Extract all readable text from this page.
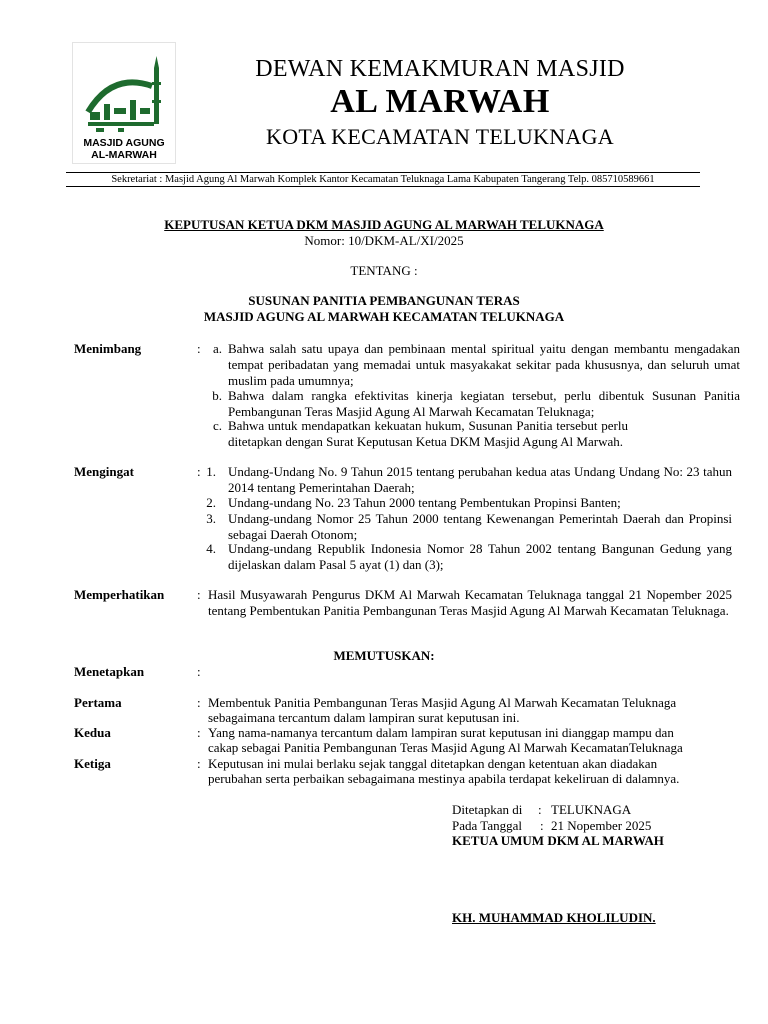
MASJID AGUNG
AL-MARWAH
DEWAN KEMAKMURAN MASJID
AL MARWAH
KOTA KECAMATAN TELUKNAGA
Sekretariat : Masjid Agung Al Marwah Komplek Kantor Kecamatan Teluknaga Lama Kabupaten Tangerang Telp. 085710589661
KEPUTUSAN KETUA DKM MASJID AGUNG AL MARWAH TELUKNAGA
Nomor: 10/DKM-AL/XI/2025
TENTANG :
SUSUNAN PANITIA PEMBANGUNAN TERAS
MASJID AGUNG AL MARWAH KECAMATAN TELUKNAGA
Menimbang	: a. Bahwa salah satu upaya dan pembinaan mental spiritual yaitu dengan membantu mengadakan tempat peribadatan yang memadai untuk masyakakat sekitar pada khususnya, dan seluruh umat muslim pada umumnya;
b. Bahwa dalam rangka efektivitas kinerja kegiatan tersebut, perlu dibentuk Susunan Panitia Pembangunan Teras Masjid Agung Al Marwah Kecamatan Teluknaga;
c. Bahwa untuk mendapatkan kekuatan hukum, Susunan Panitia tersebut perlu ditetapkan dengan Surat Keputusan Ketua DKM Masjid Agung Al Marwah.
Mengingat	: 1. Undang-Undang No. 9 Tahun 2015 tentang perubahan kedua atas Undang Undang No: 23 tahun 2014 tentang Pemerintahan Daerah;
2. Undang-undang No. 23 Tahun 2000 tentang Pembentukan Propinsi Banten;
3. Undang-undang Nomor 25 Tahun 2000 tentang Kewenangan Pemerintah Daerah dan Propinsi sebagai Daerah Otonom;
4. Undang-undang Republik Indonesia Nomor 28 Tahun 2002 tentang Bangunan Gedung yang dijelaskan dalam Pasal 5 ayat (1) dan (3);
Memperhatikan	: Hasil Musyawarah Pengurus DKM Al Marwah Kecamatan Teluknaga tanggal 21 Nopember 2025 tentang Pembentukan Panitia Pembangunan Teras Masjid Agung Al Marwah Kecamatan Teluknaga.
MEMUTUSKAN:
Menetapkan	:
Pertama	: Membentuk Panitia Pembangunan Teras Masjid Agung Al Marwah Kecamatan Teluknaga
sebagaimana tercantum dalam lampiran surat keputusan ini.
Kedua	: Yang nama-namanya tercantum dalam lampiran surat keputusan ini dianggap mampu dan
cakap sebagai Panitia Pembangunan Teras Masjid Agung Al Marwah KecamatanTeluknaga
Ketiga	: Keputusan ini mulai berlaku sejak tanggal ditetapkan dengan ketentuan akan diadakan
perubahan serta perbaikan sebagaimana mestinya apabila terdapat kekeliruan di dalamnya.
Ditetapkan di : TELUKNAGA
Pada Tanggal : 21 Nopember 2025
KETUA UMUM DKM AL MARWAH
KH. MUHAMMAD KHOLILUDIN.
